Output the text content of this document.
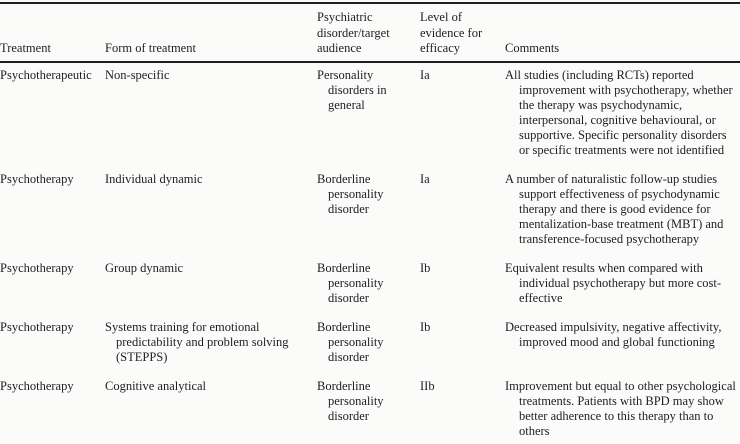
Treatment	Form of treatment	Psychiatric disorder/target audience	Level of evidence for efficacy	Comments
Psychotherapeutic	Non-specific	Personality disorders in general	Ia	All studies (including RCTs) reported improvement with psychotherapy, whether the therapy was psychodynamic, interpersonal, cognitive behavioural, or supportive. Specific personality disorders or specific treatments were not identified
Psychotherapy	Individual dynamic	Borderline personality disorder	Ia	A number of naturalistic follow-up studies support effectiveness of psychodynamic therapy and there is good evidence for mentalization-base treatment (MBT) and transference-focused psychotherapy
Psychotherapy	Group dynamic	Borderline personality disorder	Ib	Equivalent results when compared with individual psychotherapy but more cost-effective
Psychotherapy	Systems training for emotional predictability and problem solving (STEPPS)	Borderline personality disorder	Ib	Decreased impulsivity, negative affectivity, improved mood and global functioning
Psychotherapy	Cognitive analytical	Borderline personality disorder	IIb	Improvement but equal to other psychological treatments. Patients with BPD may show better adherence to this therapy than to others
